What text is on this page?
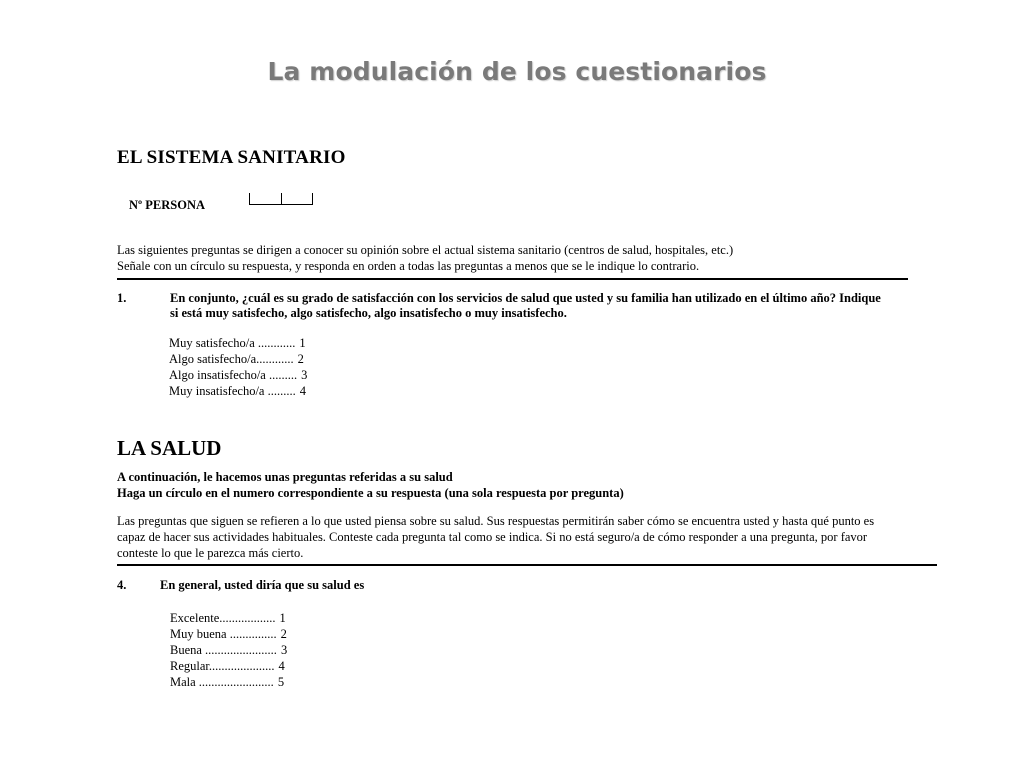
La modulación de los cuestionarios
EL SISTEMA SANITARIO
Nº PERSONA
Las siguientes preguntas se dirigen a conocer su opinión sobre el actual sistema sanitario (centros de salud, hospitales, etc.)
Señale con un círculo su respuesta, y responda en orden a todas las preguntas a menos que se le indique lo contrario.
1.	En conjunto, ¿cuál es su grado de satisfacción con los servicios de salud que usted y su familia han utilizado en el último año? Indique
si está muy satisfecho, algo satisfecho, algo insatisfecho o muy insatisfecho.
Muy satisfecho/a ............ 1
Algo satisfecho/a............ 2
Algo insatisfecho/a ......... 3
Muy insatisfecho/a ......... 4
LA SALUD
A continuación, le hacemos unas preguntas referidas a su salud
Haga un círculo en el numero correspondiente a su respuesta (una sola respuesta por pregunta)
Las preguntas que siguen se refieren a lo que usted piensa sobre su salud. Sus respuestas permitirán saber cómo se encuentra usted y hasta qué punto es
capaz de hacer sus actividades habituales. Conteste cada pregunta tal como se indica. Si no está seguro/a de cómo responder a una pregunta, por favor
conteste lo que le parezca más cierto.
4.	En general, usted diría que su salud es
Excelente.................. 1
Muy buena ............... 2
Buena ....................... 3
Regular..................... 4
Mala ........................ 5
